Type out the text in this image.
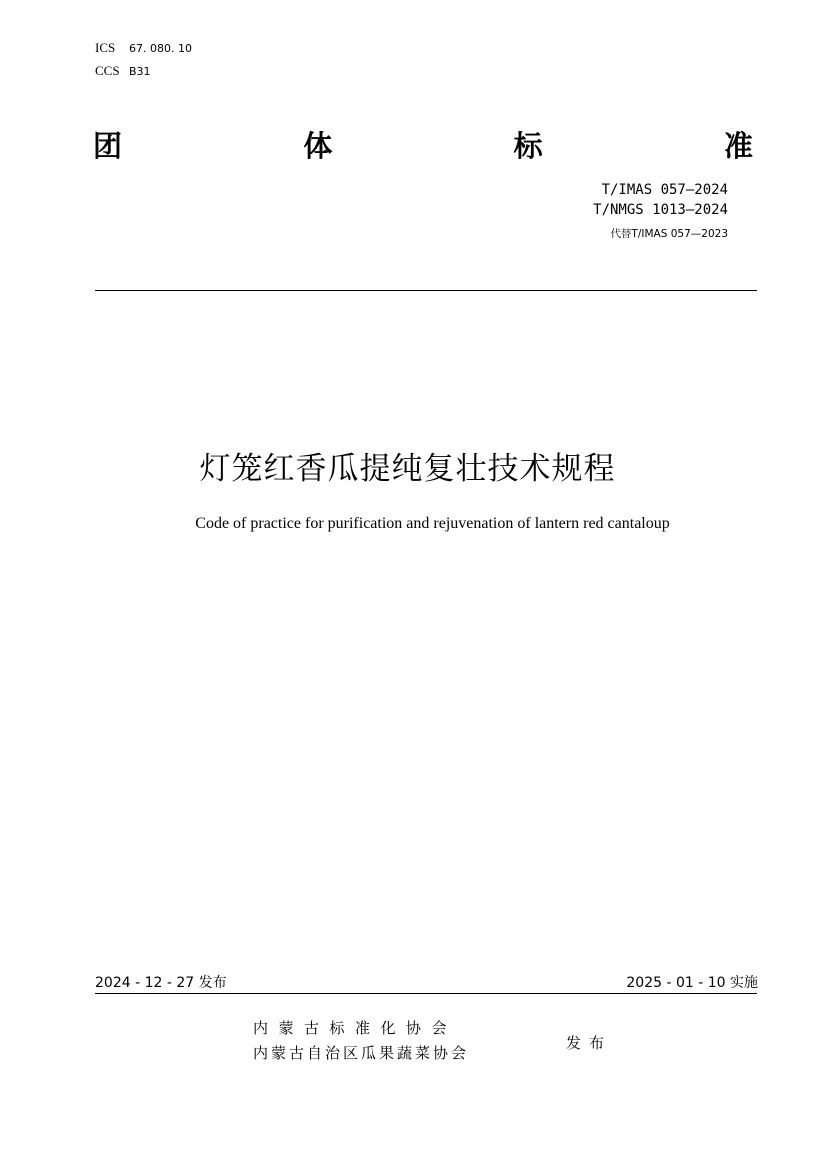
ICS 67. 080. 10
CCS B31
团	体	标	准
T/IMAS 057—2024
T/NMGS 1013—2024
代替T/IMAS 057—2023
灯笼红香瓜提纯复壮技术规程
Code of practice for purification and rejuvenation of lantern red cantaloup
2024 - 12 - 27 发布	2025 - 01 - 10 实施
内蒙古标准化协会
内蒙古自治区瓜果蔬菜协会
发布
